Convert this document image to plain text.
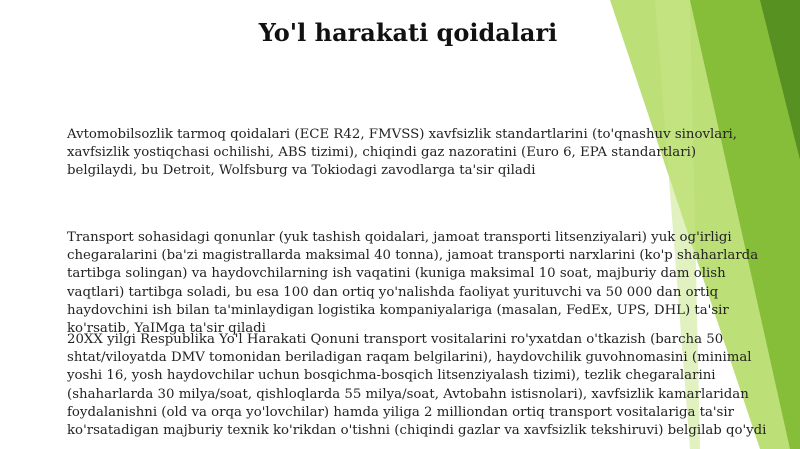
Yo'l harakati qoidalari
Avtomobilsozlik tarmoq qoidalari (ECE R42, FMVSS) xavfsizlik standartlarini (to'qnashuv sinovlari, xavfsizlik yostiqchasi ochilishi, ABS tizimi), chiqindi gaz nazoratini (Euro 6, EPA standartlari) belgilaydi, bu Detroit, Wolfsburg va Tokiodagi zavodlarga ta'sir qiladi
Transport sohasidagi qonunlar (yuk tashish qoidalari, jamoat transporti litsenziyalari) yuk og'irligi chegaralarini (ba'zi magistrallarda maksimal 40 tonna), jamoat transporti narxlarini (ko'p shaharlarda tartibga solingan) va haydovchilarning ish vaqatini (kuniga maksimal 10 soat, majburiy dam olish vaqtlari) tartibga soladi, bu esa 100 dan ortiq yo'nalishda faoliyat yurituvchi va 50 000 dan ortiq haydovchini ish bilan ta'minlaydigan logistika kompaniyalariga (masalan, FedEx, UPS, DHL) ta'sir ko'rsatib, YaIMga ta'sir qiladi
20XX yilgi Respublika Yo'l Harakati Qonuni transport vositalarini ro'yxatdan o'tkazish (barcha 50 shtat/viloyatda DMV tomonidan beriladigan raqam belgilarini), haydovchilik guvohnomasini (minimal yoshi 16, yosh haydovchilar uchun bosqichma-bosqich litsenziyalash tizimi), tezlik chegaralarini (shaharlarda 30 milya/soat, qishloqlarda 55 milya/soat, Avtobahn istisnolari), xavfsizlik kamarlaridan foydalanishni (old va orqa yo'lovchilar) hamda yiliga 2 milliondan ortiq transport vositalariga ta'sir ko'rsatadigan majburiy texnik ko'rikdan o'tishni (chiqindi gazlar va xavfsizlik tekshiruvi) belgilab qo'ydi
